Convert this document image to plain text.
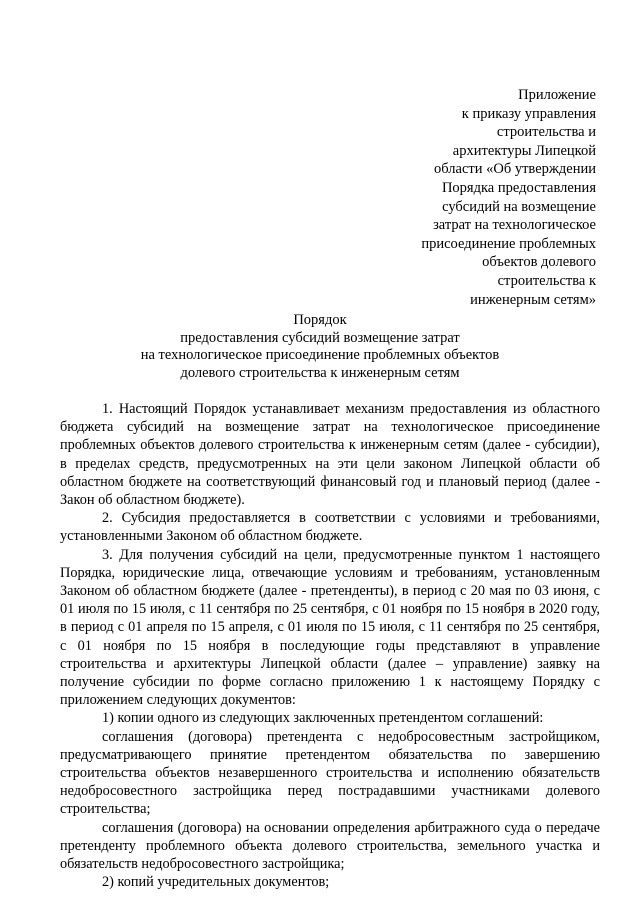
Приложение
к приказу управления
строительства и
архитектуры Липецкой
области «Об утверждении
Порядка предоставления
субсидий на возмещение
затрат на технологическое
присоединение проблемных
объектов долевого
строительства к
инженерным сетям»
Порядок
предоставления субсидий возмещение затрат
на технологическое присоединение проблемных объектов
долевого строительства к инженерным сетям

1. Настоящий Порядок устанавливает механизм предоставления из областного бюджета субсидий на возмещение затрат на технологическое присоединение проблемных объектов долевого строительства к инженерным сетям (далее - субсидии), в пределах средств, предусмотренных на эти цели законом Липецкой области об областном бюджете на соответствующий финансовый год и плановый период (далее - Закон об областном бюджете).

2. Субсидия предоставляется в соответствии с условиями и требованиями, установленными Законом об областном бюджете.

3. Для получения субсидий на цели, предусмотренные пунктом 1 настоящего Порядка, юридические лица, отвечающие условиям и требованиям, установленным Законом об областном бюджете (далее - претенденты), в период с 20 мая по 03 июня, с 01 июля по 15 июля, с 11 сентября по 25 сентября, с 01 ноября по 15 ноября в 2020 году, в период с 01 апреля по 15 апреля, с 01 июля по 15 июля, с 11 сентября по 25 сентября, с 01 ноября по 15 ноября в последующие годы представляют в управление строительства и архитектуры Липецкой области (далее – управление) заявку на получение субсидии по форме согласно приложению 1 к настоящему Порядку с приложением следующих документов:

1) копии одного из следующих заключенных претендентом соглашений:

соглашения (договора) претендента с недобросовестным застройщиком, предусматривающего принятие претендентом обязательства по завершению строительства объектов незавершенного строительства и исполнению обязательств недобросовестного застройщика перед пострадавшими участниками долевого строительства;

соглашения (договора) на основании определения арбитражного суда о передаче претенденту проблемного объекта долевого строительства, земельного участка и обязательств недобросовестного застройщика;

2) копий учредительных документов;
